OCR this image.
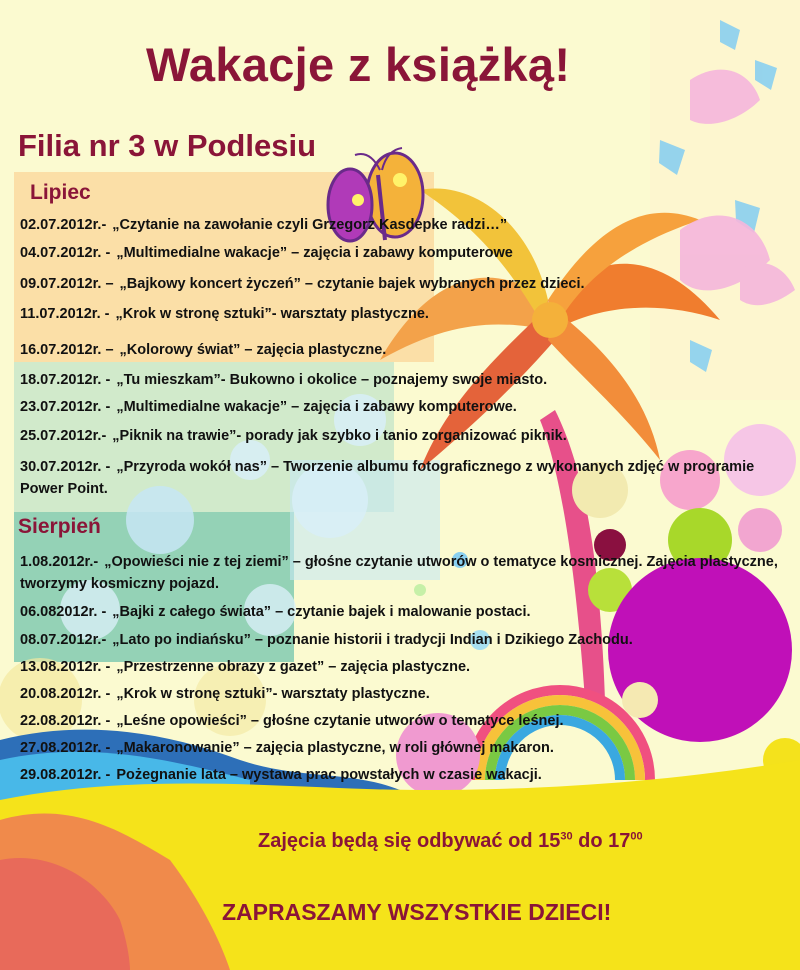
Wakacje z książką!
Filia nr 3 w Podlesiu
Lipiec
02.07.2012r.- „Czytanie na zawołanie czyli Grzegorz Kasdepke radzi…”
04.07.2012r. - „Multimedialne wakacje” – zajęcia i zabawy komputerowe
09.07.2012r. – „Bajkowy koncert życzeń” – czytanie bajek wybranych przez dzieci.
11.07.2012r. - „Krok w stronę sztuki”- warsztaty plastyczne.
16.07.2012r. – „Kolorowy świat” – zajęcia plastyczne.
18.07.2012r. - „Tu mieszkam”- Bukowno i okolice – poznajemy swoje miasto.
23.07.2012r. - „Multimedialne wakacje” – zajęcia i zabawy komputerowe.
25.07.2012r.- „Piknik na trawie”- porady jak szybko i tanio zorganizować piknik.
30.07.2012r. - „Przyroda wokół nas” – Tworzenie albumu fotograficznego z wykonanych zdjęć w programie Power Point.
Sierpień
1.08.2012r.- „Opowieści nie z tej ziemi” – głośne czytanie utworów o tematyce kosmicznej. Zajęcia plastyczne, tworzymy kosmiczny pojazd.
06.082012r. - „Bajki z całego świata” – czytanie bajek i malowanie postaci.
08.07.2012r.- „Lato po indiańsku” – poznanie historii i tradycji Indian i Dzikiego Zachodu.
13.08.2012r. - „Przestrzenne obrazy z gazet” – zajęcia plastyczne.
20.08.2012r. - „Krok w stronę sztuki”- warsztaty plastyczne.
22.08.2012r. - „Leśne opowieści” – głośne czytanie utworów o tematyce leśnej.
27.08.2012r. - „Makaronowanie” – zajęcia plastyczne, w roli głównej makaron.
29.08.2012r. - Pożegnanie lata – wystawa prac powstałych w czasie wakacji.
Zajęcia będą się odbywać od $15^{30}$ do $17^{00}$
ZAPRASZAMY WSZYSTKIE DZIECI!
